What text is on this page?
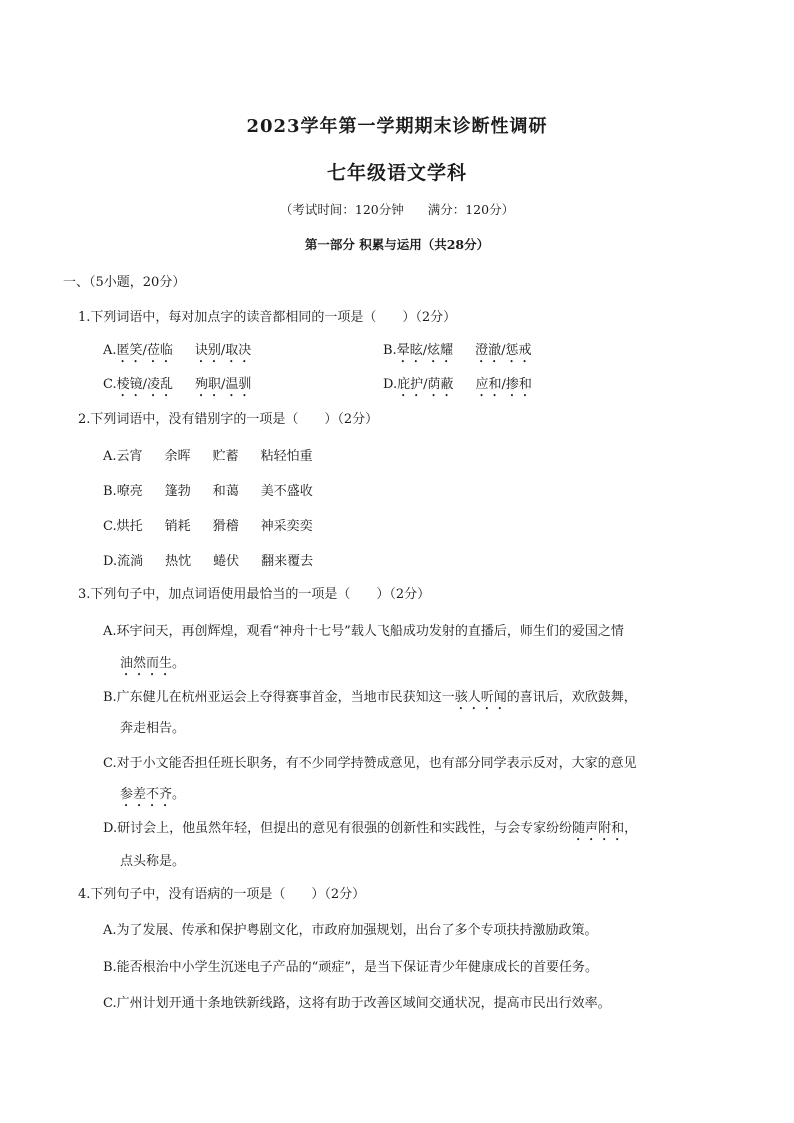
2023学年第一学期期末诊断性调研
七年级语文学科
（考试时间：120分钟 满分：120分）
第一部分 积累与运用（共28分）
一、（5小题，20分）
1.下列词语中，每对加点字的读音都相同的一项是（　　）（2分）
A.匿笑/莅临 诀别/取决	B.晕眩/炫耀 澄澈/惩戒
C.棱镜/凌乱 殉职/温驯	D.庇护/荫蔽 应和/掺和
2.下列词语中，没有错别字的一项是（　　）（2分）
A.云宵 余晖 贮蓄 粘轻怕重
B.嘹亮 篷勃 和蔼 美不盛收
C.烘托 销耗 猾稽 神采奕奕
D.流淌 热忱 蜷伏 翻来覆去
3.下列句子中，加点词语使用最恰当的一项是（　　）（2分）
A.环宇问天，再创辉煌，观看“神舟十七号”载人飞船成功发射的直播后，师生们的爱国之情
油然而生。
B.广东健儿在杭州亚运会上夺得赛事首金，当地市民获知这一骇人听闻的喜讯后，欢欣鼓舞，
奔走相告。
C.对于小文能否担任班长职务，有不少同学持赞成意见，也有部分同学表示反对，大家的意见
参差不齐。
D.研讨会上，他虽然年轻，但提出的意见有很强的创新性和实践性，与会专家纷纷随声附和，
点头称是。
4.下列句子中，没有语病的一项是（　　）（2分）
A.为了发展、传承和保护粤剧文化，市政府加强规划，出台了多个专项扶持激励政策。
B.能否根治中小学生沉迷电子产品的“顽症”，是当下保证青少年健康成长的首要任务。
C.广州计划开通十条地铁新线路，这将有助于改善区域间交通状况，提高市民出行效率。
